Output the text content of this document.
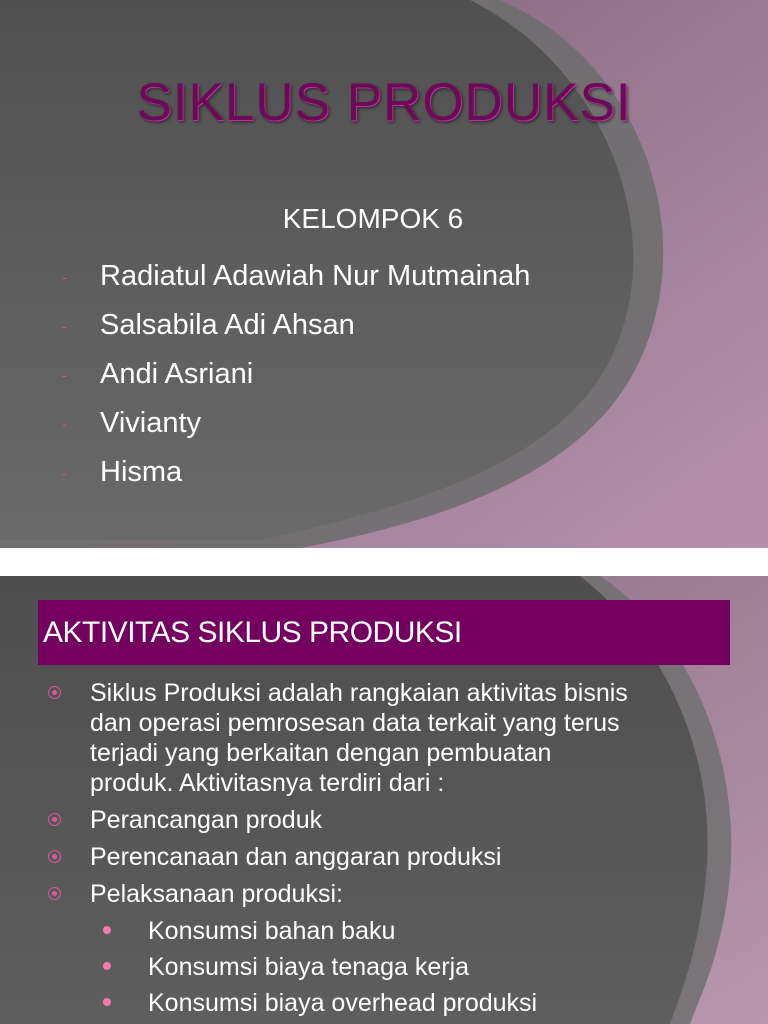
SIKLUS PRODUKSI
KELOMPOK 6
-	Radiatul Adawiah Nur Mutmainah
-	Salsabila Adi Ahsan
-	Andi Asriani
-	Vivianty
-	Hisma
AKTIVITAS SIKLUS PRODUKSI
Siklus Produksi adalah rangkaian aktivitas bisnis
dan operasi pemrosesan data terkait yang terus
terjadi yang berkaitan dengan pembuatan
produk. Aktivitasnya terdiri dari :
Perancangan produk
Perencanaan dan anggaran produksi
Pelaksanaan produksi:
Konsumsi bahan baku
Konsumsi biaya tenaga kerja
Konsumsi biaya overhead produksi
